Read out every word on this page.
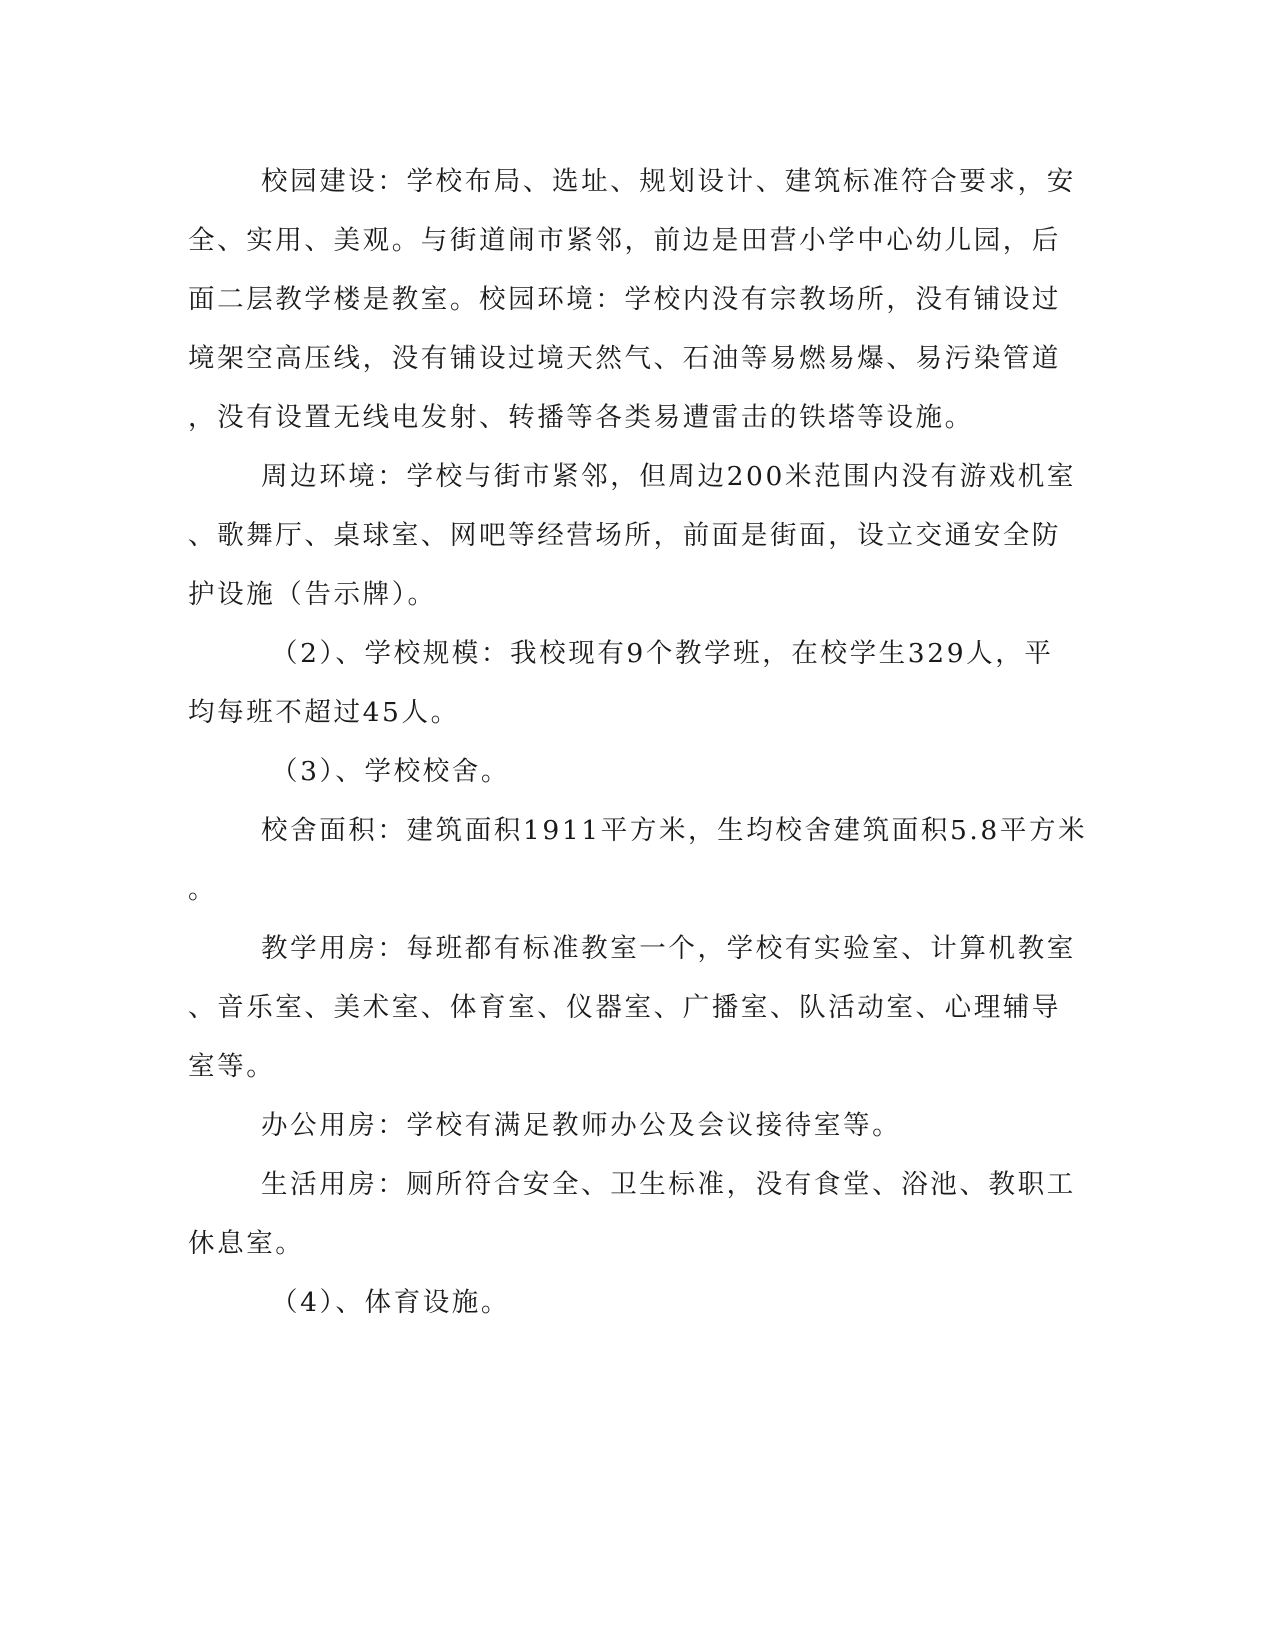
校园建设：学校布局、选址、规划设计、建筑标准符合要求，安
全、实用、美观。与街道闹市紧邻，前边是田营小学中心幼儿园，后
面二层教学楼是教室。校园环境：学校内没有宗教场所，没有铺设过
境架空高压线，没有铺设过境天然气、石油等易燃易爆、易污染管道
，没有设置无线电发射、转播等各类易遭雷击的铁塔等设施。
周边环境：学校与街市紧邻，但周边200米范围内没有游戏机室
、歌舞厅、桌球室、网吧等经营场所，前面是街面，设立交通安全防
护设施（告示牌）。
（2）、学校规模：我校现有9个教学班，在校学生329人，平
均每班不超过45人。
（3）、学校校舍。
校舍面积：建筑面积1911平方米，生均校舍建筑面积5.8平方米
。
教学用房：每班都有标准教室一个，学校有实验室、计算机教室
、音乐室、美术室、体育室、仪器室、广播室、队活动室、心理辅导
室等。
办公用房：学校有满足教师办公及会议接待室等。
生活用房：厕所符合安全、卫生标准，没有食堂、浴池、教职工
休息室。
（4）、体育设施。
